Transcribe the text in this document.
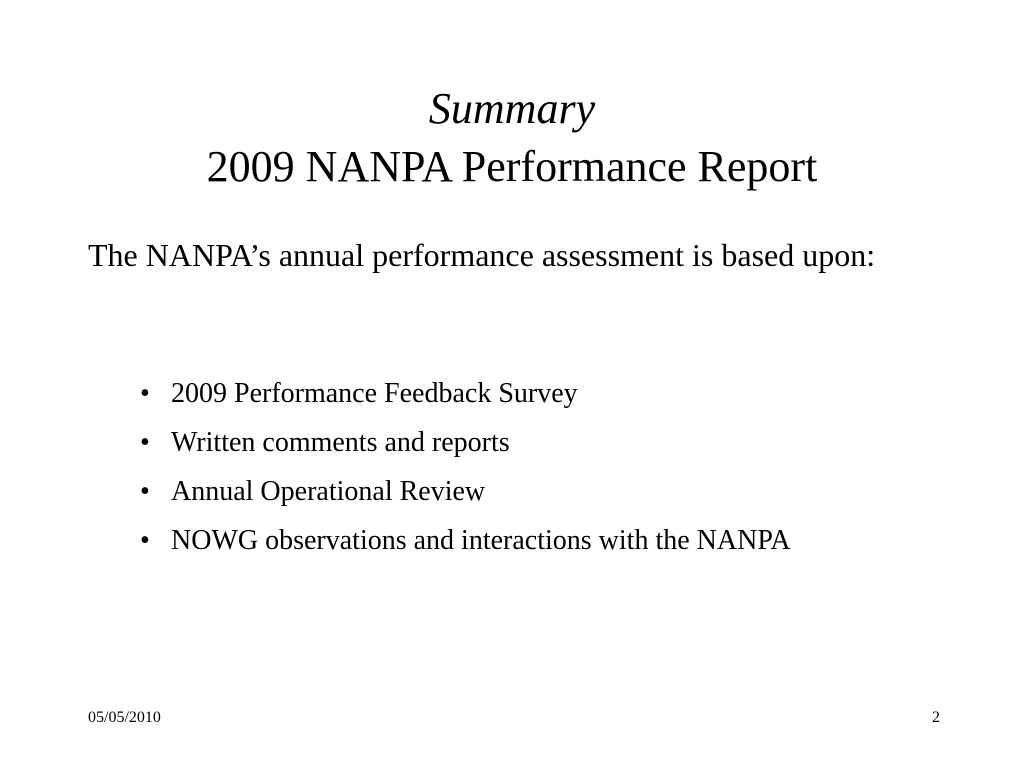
Summary
2009 NANPA Performance Report
The NANPA’s annual performance assessment is based upon:
• 2009 Performance Feedback Survey
• Written comments and reports
• Annual Operational Review
• NOWG observations and interactions with the NANPA
05/05/2010	2
